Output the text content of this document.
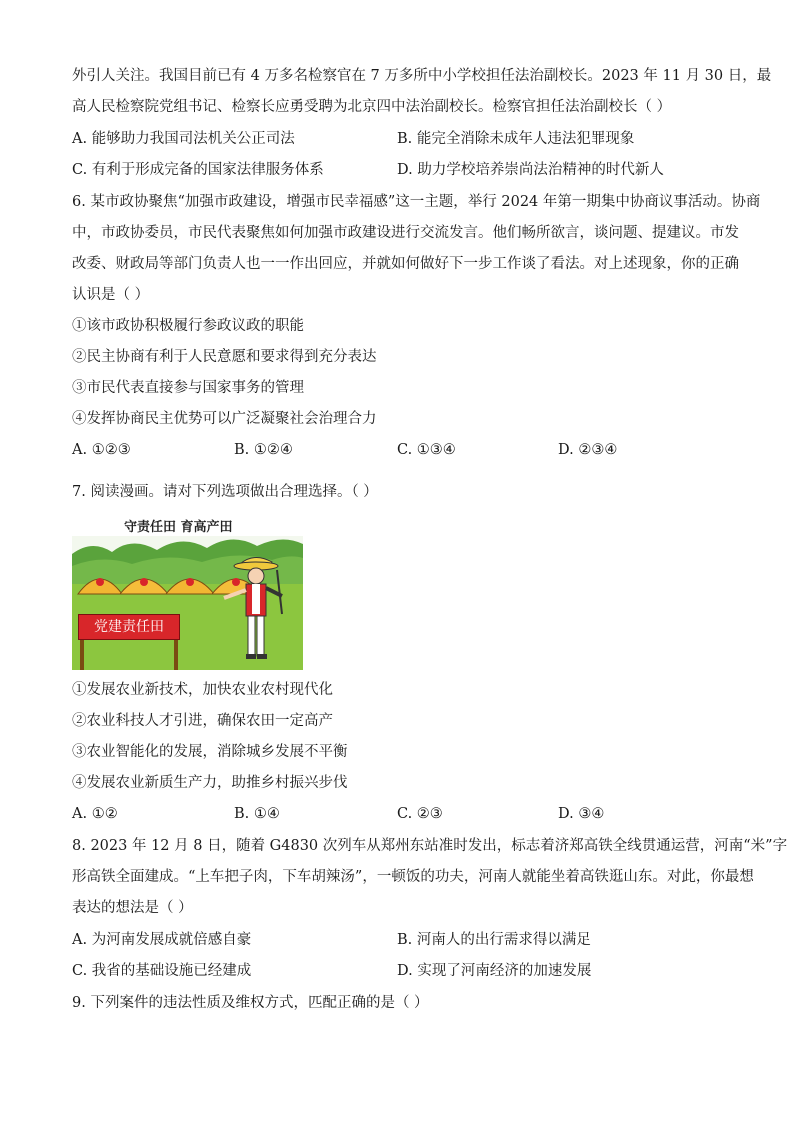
外引人关注。我国目前已有 4 万多名检察官在 7 万多所中小学校担任法治副校长。2023 年 11 月 30 日，最
高人民检察院党组书记、检察长应勇受聘为北京四中法治副校长。检察官担任法治副校长（ ）
A. 能够助力我国司法机关公正司法	B. 能完全消除未成年人违法犯罪现象
C. 有利于形成完备的国家法律服务体系	D. 助力学校培养崇尚法治精神的时代新人
6. 某市政协聚焦“加强市政建设，增强市民幸福感”这一主题，举行 2024 年第一期集中协商议事活动。协商
中，市政协委员，市民代表聚焦如何加强市政建设进行交流发言。他们畅所欲言，谈问题、提建议。市发
改委、财政局等部门负责人也一一作出回应，并就如何做好下一步工作谈了看法。对上述现象，你的正确
认识是（ ）
①该市政协积极履行参政议政的职能
②民主协商有利于人民意愿和要求得到充分表达
③市民代表直接参与国家事务的管理
④发挥协商民主优势可以广泛凝聚社会治理合力
A. ①②③	B. ①②④	C. ①③④	D. ②③④
7. 阅读漫画。请对下列选项做出合理选择。（ ）
守责任田 育高产田
党建责任田
①发展农业新技术，加快农业农村现代化
②农业科技人才引进，确保农田一定高产
③农业智能化的发展，消除城乡发展不平衡
④发展农业新质生产力，助推乡村振兴步伐
A. ①②	B. ①④	C. ②③	D. ③④
8. 2023 年 12 月 8 日，随着 G4830 次列车从郑州东站准时发出，标志着济郑高铁全线贯通运营，河南“米”字
形高铁全面建成。“上车把子肉，下车胡辣汤”，一顿饭的功夫，河南人就能坐着高铁逛山东。对此，你最想
表达的想法是（ ）
A. 为河南发展成就倍感自豪	B. 河南人的出行需求得以满足
C. 我省的基础设施已经建成	D. 实现了河南经济的加速发展
9. 下列案件的违法性质及维权方式，匹配正确的是（ ）
